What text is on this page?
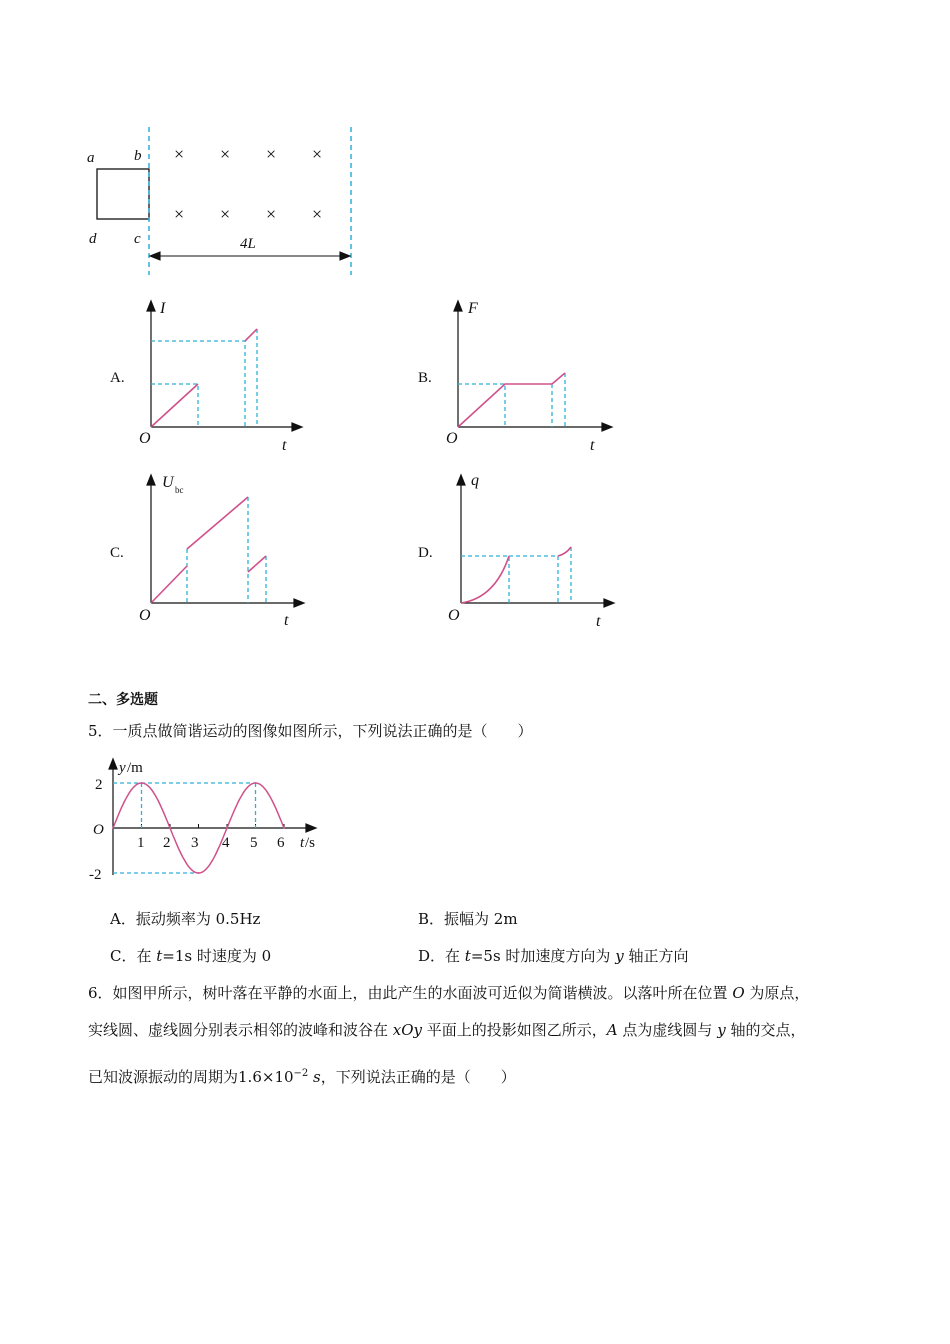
a	b
d	c	4L
× × × ×
× × × ×
A.
I
O	t
B.
F
O	t
C.
U bc
O	t
D.
q
O	t
二、多选题
5．一质点做简谐运动的图像如图所示，下列说法正确的是（　　）
y /m
2
-2
O
1 2 3 4 5 6 t /s
A．振动频率为 0.5Hz	B．振幅为 2m
C．在 t=1s 时速度为 0	D．在 t=5s 时加速度方向为 y 轴正方向
6．如图甲所示，树叶落在平静的水面上，由此产生的水面波可近似为简谐横波。以落叶所在位置 O 为原点，
实线圆、虚线圆分别表示相邻的波峰和波谷在 xOy 平面上的投影如图乙所示，A 点为虚线圆与 y 轴的交点，
已知波源振动的周期为$1.6\times 10^{-2}$ s，下列说法正确的是（　　）
